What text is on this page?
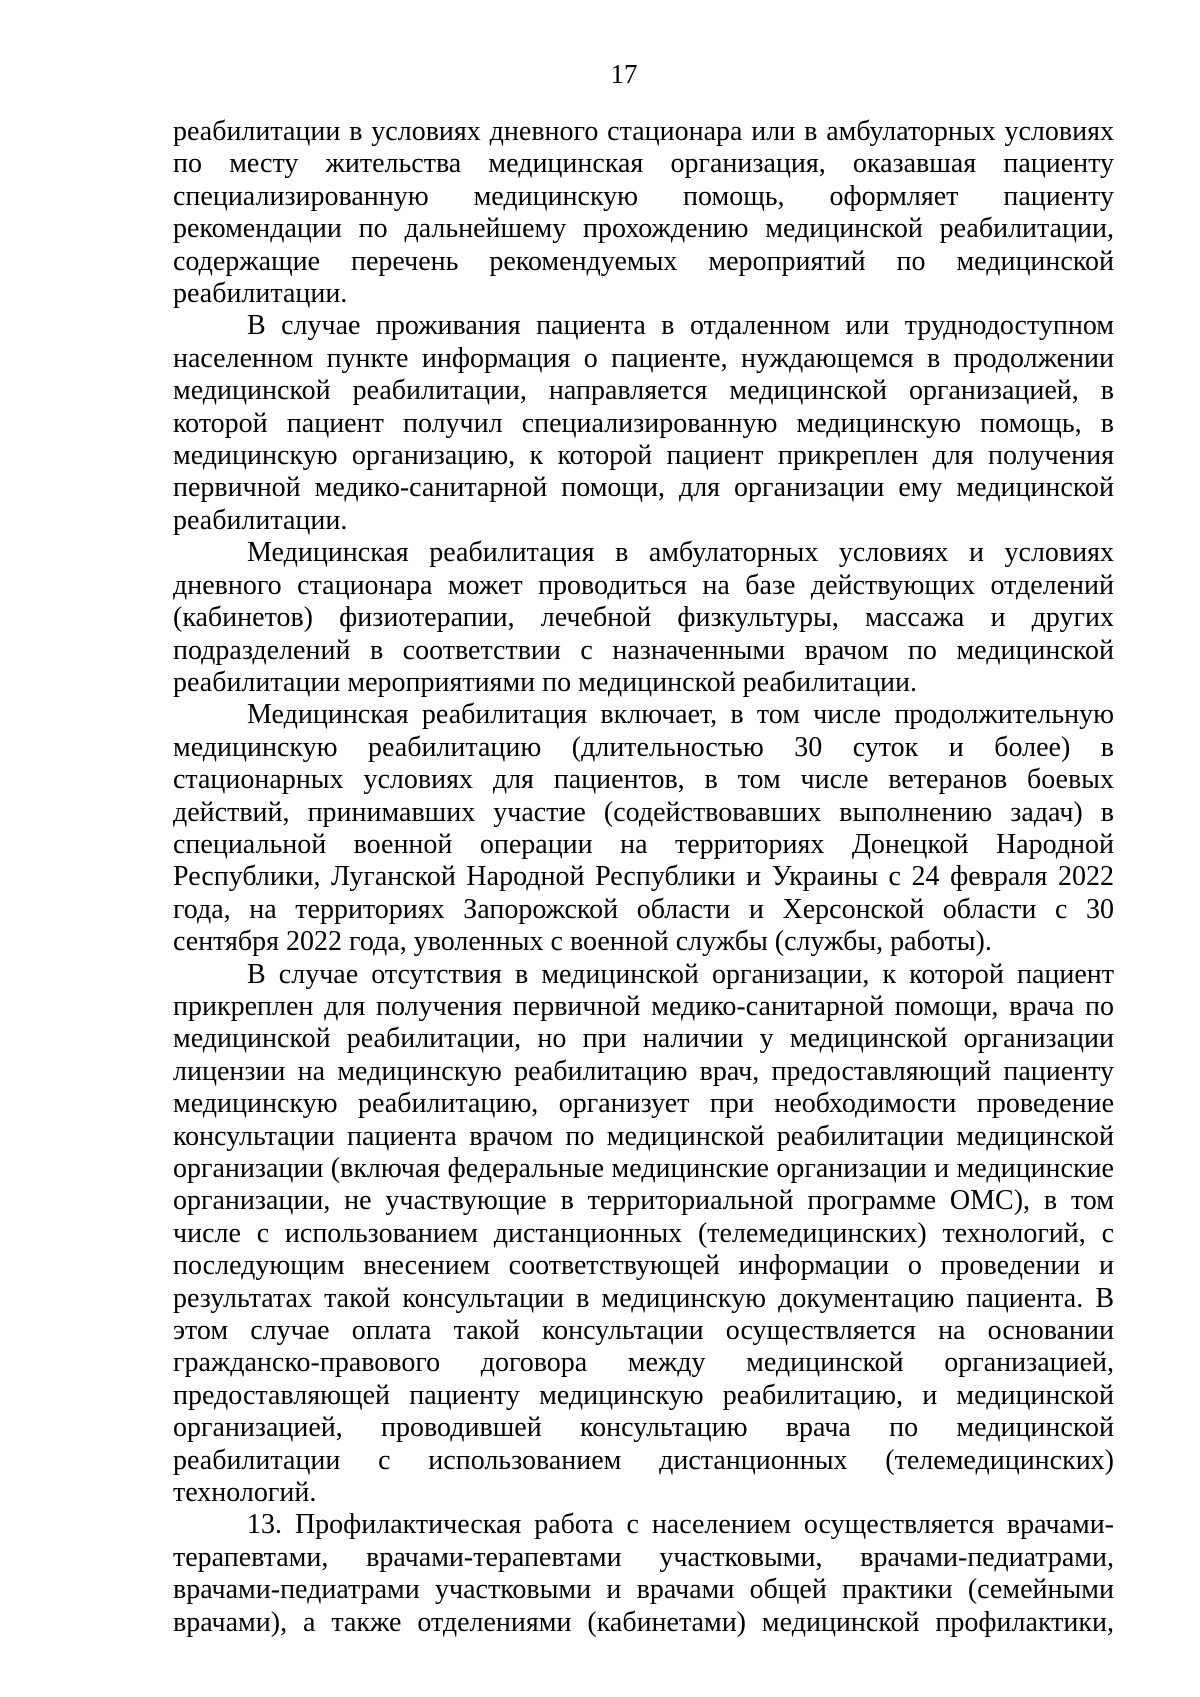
17

реабилитации в условиях дневного стационара или в амбулаторных условиях по месту жительства медицинская организация, оказавшая пациенту специализированную медицинскую помощь, оформляет пациенту рекомендации по дальнейшему прохождению медицинской реабилитации, содержащие перечень рекомендуемых мероприятий по медицинской реабилитации.

В случае проживания пациента в отдаленном или труднодоступном населенном пункте информация о пациенте, нуждающемся в продолжении медицинской реабилитации, направляется медицинской организацией, в которой пациент получил специализированную медицинскую помощь, в медицинскую организацию, к которой пациент прикреплен для получения первичной медико-санитарной помощи, для организации ему медицинской реабилитации.

Медицинская реабилитация в амбулаторных условиях и условиях дневного стационара может проводиться на базе действующих отделений (кабинетов) физиотерапии, лечебной физкультуры, массажа и других подразделений в соответствии с назначенными врачом по медицинской реабилитации мероприятиями по медицинской реабилитации.

Медицинская реабилитация включает, в том числе продолжительную медицинскую реабилитацию (длительностью 30 суток и более) в стационарных условиях для пациентов, в том числе ветеранов боевых действий, принимавших участие (содействовавших выполнению задач) в специальной военной операции на территориях Донецкой Народной Республики, Луганской Народной Республики и Украины с 24 февраля 2022 года, на территориях Запорожской области и Херсонской области с 30 сентября 2022 года, уволенных с военной службы (службы, работы).

В случае отсутствия в медицинской организации, к которой пациент прикреплен для получения первичной медико-санитарной помощи, врача по медицинской реабилитации, но при наличии у медицинской организации лицензии на медицинскую реабилитацию врач, предоставляющий пациенту медицинскую реабилитацию, организует при необходимости проведение консультации пациента врачом по медицинской реабилитации медицинской организации (включая федеральные медицинские организации и медицинские организации, не участвующие в территориальной программе ОМС), в том числе с использованием дистанционных (телемедицинских) технологий, с последующим внесением соответствующей информации о проведении и результатах такой консультации в медицинскую документацию пациента. В этом случае оплата такой консультации осуществляется на основании гражданско-правового договора между медицинской организацией, предоставляющей пациенту медицинскую реабилитацию, и медицинской организацией, проводившей консультацию врача по медицинской реабилитации с использованием дистанционных (телемедицинских) технологий.

13. Профилактическая работа с населением осуществляется врачами-терапевтами, врачами-терапевтами участковыми, врачами-педиатрами, врачами-педиатрами участковыми и врачами общей практики (семейными врачами), а также отделениями (кабинетами) медицинской профилактики,
